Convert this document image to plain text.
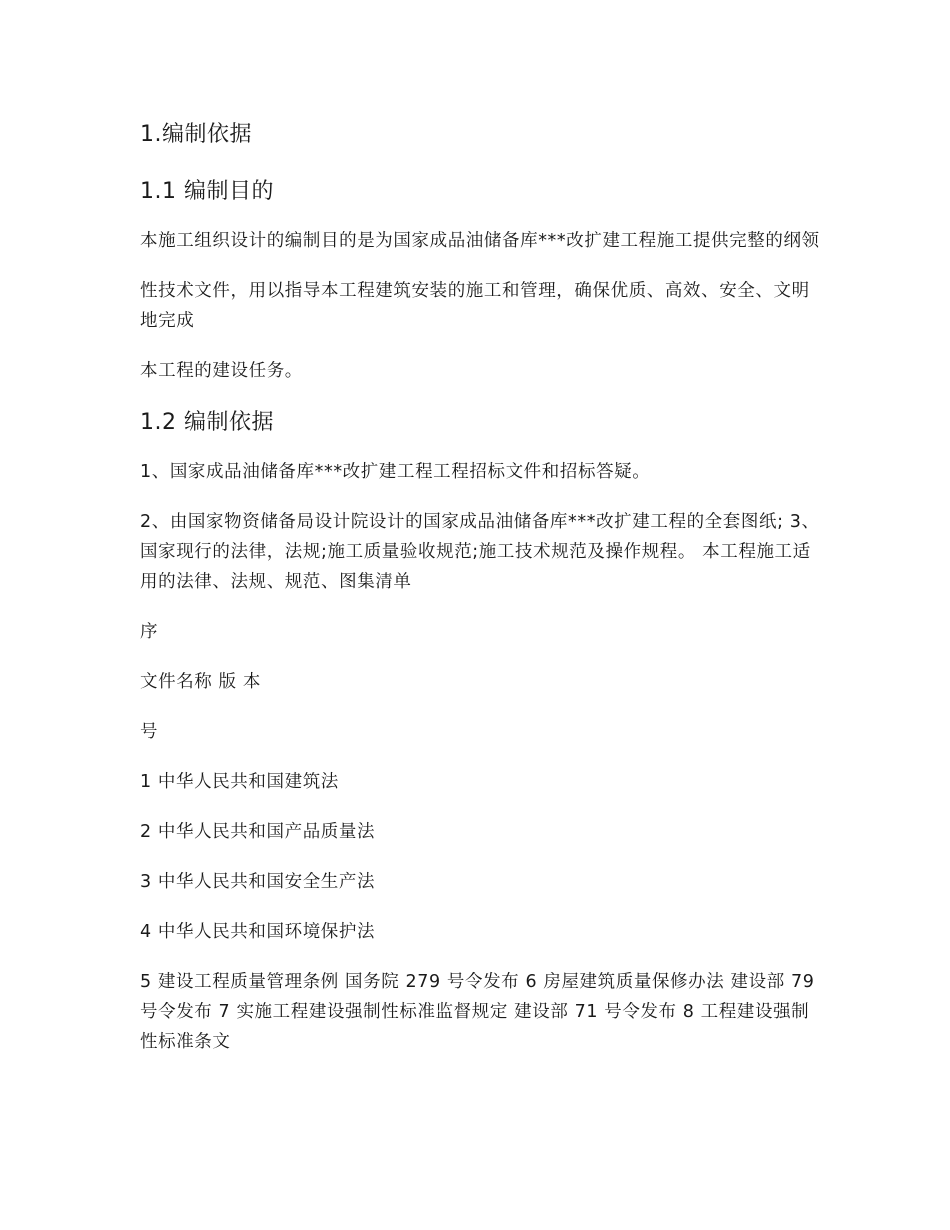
1.编制依据
1.1 编制目的
本施工组织设计的编制目的是为国家成品油储备库***改扩建工程施工提供完整的纲领
性技术文件，用以指导本工程建筑安装的施工和管理，确保优质、高效、安全、文明地完成
本工程的建设任务。
1.2 编制依据
1、国家成品油储备库***改扩建工程工程招标文件和招标答疑。
2、由国家物资储备局设计院设计的国家成品油储备库***改扩建工程的全套图纸; 3、国家现行的法律，法规;施工质量验收规范;施工技术规范及操作规程。 本工程施工适用的法律、法规、规范、图集清单
序
文件名称 版 本
号
1 中华人民共和国建筑法
2 中华人民共和国产品质量法
3 中华人民共和国安全生产法
4 中华人民共和国环境保护法
5 建设工程质量管理条例 国务院 279 号令发布 6 房屋建筑质量保修办法 建设部 79 号令发布 7 实施工程建设强制性标准监督规定 建设部 71 号令发布 8 工程建设强制性标准条文
